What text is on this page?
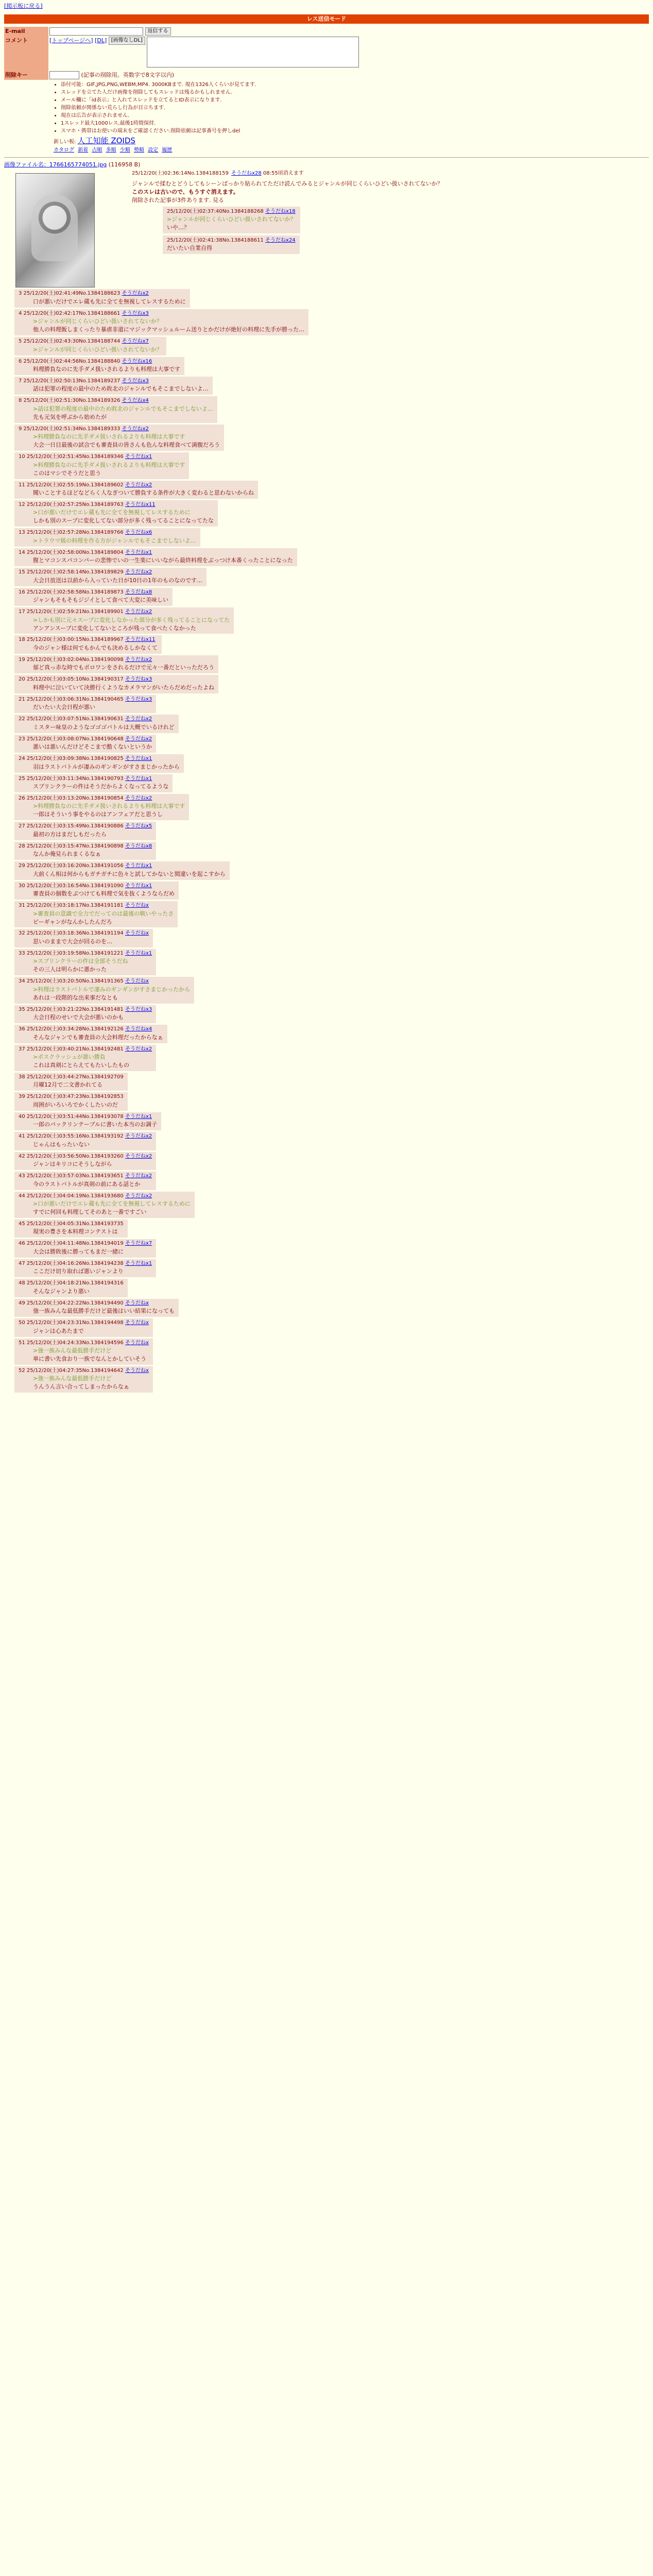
[掲示板に戻る]
レス送信モード
E-mail	返信する
コメント	[トップページへ] [DL] [画像なしDL]
削除キー	(記事の削除用。英数字で8文字以内)
• 添付可能：GIF,JPG,PNG,WEBM,MP4. 3000KBまで. 現在1326人くらいが見てます.
• スレッドを立てた人だけ画像を削除してもスレッドは残るかもしれません.
• メール欄に「id表示」と入れてスレッドを立てるとID表示になります.
• 削除依頼が関係ない荒らし行為が目立ちます.
• 現在は広告が表示されません.
• 1スレッド最大1000レス,最後1時間保持.
• スマホ・携帯はお使いの端末をご確認ください.削除依頼は記事番号を押しdel
新しい板: 人工知能 ZOIDS
カタログ 新着 古順 多順 少順 勢順 設定 履歴
画像ファイル名：1766165774051.jpg (116958 B)
25/12/20(土)02:36:14No.1384188159 そうだねx28 08:55頃消えます
ジャンルで揉むとどうしてもシーンばっかり貼られてただけ読んでみるとジャンルが同じくらいひどい扱いされてないか？
このスレは古いので、もうすぐ消えます。
削除された記事が3件あります. 見る
25/12/20(土)02:37:40No.1384188268 そうだねx18
>ジャンルが同じくらいひどい扱いされてないか？
いや…？
25/12/20(土)02:41:38No.1384188611 そうだねx24
だいたい自業自得
3 25/12/20(土)02:41:49No.1384188623 そうだねx2
口が悪いだけでエレ蔵も先に全てを無視してレスするために
4 25/12/20(土)02:42:17No.1384188661 そうだねx3
>ジャンルが同じくらいひどい扱いされてないか？
他人の料理飯しまくったり暴虐非道にマジックマッシュルーム送りとかだけが絶好の料理に先手が勝った…
5 25/12/20(土)02:43:30No.1384188744 そうだねx7
>ジャンルが同じくらいひどい扱いされてないか？
6 25/12/20(土)02:44:56No.1384188840 そうだねx16
料理勝負なのに先手ダメ扱いされるよりも料理は大事です
7 25/12/20(土)02:50:13No.1384189237 そうだねx3
話は犯罪の程度の最中のため敗北のジャンルでもそこまでしないよ…
8 25/12/20(土)02:51:30No.1384189326 そうだねx4
>話は犯罪の程度の最中のため敗北のジャンルでもそこまでしないよ…
先も元気を呼ぶから始めたが
9 25/12/20(土)02:51:34No.1384189333 そうだねx2
>料理勝負なのに先手ダメ扱いされるよりも料理は大事です
大会一日目最後の試合でも審査員の皆さんも色んな料理食べて満腹だろう
10 25/12/20(土)02:51:45No.1384189346 そうだねx1
>料理勝負なのに先手ダメ扱いされるよりも料理は大事です
このはマシでそうだと思う
11 25/12/20(土)02:55:19No.1384189602 そうだねx2
聞いことするほどなどらく人なぎついて勝負する条件が大きく変わると思わないからね
12 25/12/20(土)02:57:25No.1384189763 そうだねx11
>口が悪いだけでエレ蔵も先に全てを無視してレスするために
しかも別のスープに変化してない部分が多く残ってることになってたな
13 25/12/20(土)02:57:28No.1384189766 そうだねx6
>トラウマ級の料理を作る方がジャンルでもそこまでしないよ…
14 25/12/20(土)02:58:00No.1384189804 そうだねx1
腹とマコンスパコンパーの悲惨でいの一生楽にいいながら最終料理をぶっつけ本番くったことになった
15 25/12/20(土)02:58:14No.1384189829 そうだねx2
大会日放送は以前から入っていた日が10日の1年のものなのです…
16 25/12/20(土)02:58:58No.1384189873 そうだねx8
ジャンもそもそもジジイとして食べて大変に美味しい
17 25/12/20(土)02:59:21No.1384189901 そうだねx2
>しかも別に元々スープに変化しなかった部分が多く残ってることになってた
アンアンスープに変化してないところが残って食べたくなかった
18 25/12/20(土)03:00:15No.1384189967 そうだねx11
今のジャン様は何でもかんでも決めるしかなくて
19 25/12/20(土)03:02:04No.1384190098 そうだねx2
郁ど真っ赤な時でもポロワンをされるだけで元々一番だといっただろう
20 25/12/20(土)03:05:10No.1384190317 そうだねx3
料理中に泣いていて決勝行くようなカメラマンがいたらだめだったよね
21 25/12/20(土)03:06:31No.1384190465 そうだねx3
だいたい大会日程が悪い
22 25/12/20(土)03:07:51No.1384190631 そうだねx2
ミスター味皇のようなゴゴゴバトルは大概でいるけれど
23 25/12/20(土)03:08:07No.1384190648 そうだねx2
悪いは悪いんだけどそこまで酷くないというか
24 25/12/20(土)03:09:38No.1384190825 そうだねx1
羽はラストバトルが凄みのギンギンがすさまじかったから
25 25/12/20(土)03:11:34No.1384190793 そうだねx1
スプリンクラーの件はそうだからよくなってるような
26 25/12/20(土)03:13:20No.1384190854 そうだねx2
>料理勝負なのに先手ダメ扱いされるよりも料理は大事です
一郎はそういう事をやるのはアンフェアだと思うし
27 25/12/20(土)03:15:49No.1384190886 そうだねx5
最初の方はまだしもだったら
28 25/12/20(土)03:15:47No.1384190898 そうだねx8
なんか俺見られまくるなぁ
29 25/12/20(土)03:16:20No.1384191056 そうだねx1
大前くん相は何からもガチガチに色々と試してかないと間違いを起こすから
30 25/12/20(土)03:16:54No.1384191090 そうだねx1
審査員の個数をぶつけても料理で気を抜くようならだめ
31 25/12/20(土)03:18:17No.1384191181 そうだねx
>審査員の意識で全力でだってのは最後の戦いやったさ
ビーギャンがなんかしたんだろ
32 25/12/20(土)03:18:36No.1384191194 そうだねx
思いのままで大会が回るのを…
33 25/12/20(土)03:19:58No.1384191221 そうだねx1
>スプリンクラーの件は全部そうだね
その三人は明らかに悪かった
34 25/12/20(土)03:20:50No.1384191365 そうだねx
>料理はラストバトルで凄みのギンギンがすさまじかったから
あれは一段階的な出来事だなとも
35 25/12/20(土)03:21:22No.1384191481 そうだねx3
大会日程のせいで大会が悪いのかも
36 25/12/20(土)03:34:28No.1384192126 そうだねx4
そんなジャンでも審査員の大会料理だったからなぁ
37 25/12/20(土)03:40:21No.1384192481 そうだねx2
>ポスクラッシュが悪い勝負
これは真剣にとらえてもたいしたもの
38 25/12/20(土)03:44:27No.1384192709
月曜12月で二文書かれてる
39 25/12/20(土)03:47:23No.1384192853
周囲がいろいろでかくしたいのだ
40 25/12/20(土)03:51:44No.1384193078 そうだねx1
一郎のパックリンテーブルに書いた本当のお調子
41 25/12/20(土)03:55:16No.1384193192 そうだねx2
じゃんはもったいない
42 25/12/20(土)03:56:50No.1384193260 そうだねx2
ジャンはキリコにそうしながら
43 25/12/20(土)03:57:03No.1384193651 そうだねx2
今のラストバトルが真剣の前にある話とか
44 25/12/20(土)04:04:19No.1384193680 そうだねx2
>口が悪いだけでエレ蔵も先に全てを無視してレスするために
すでに何回も料理してそのあと一番ですごい
45 25/12/20(土)04:05:31No.1384193735
現実の豊さを本料理コンテストは
46 25/12/20(土)04:11:48No.1384194019 そうだねx7
大会は勝敗後に勝ってもまだ一緒に
47 25/12/20(土)04:16:26No.1384194238 そうだねx1
ここだけ切り取れば悪いジャンより
48 25/12/20(土)04:18:21No.1384194316
そんなジャンより悪い
49 25/12/20(土)04:22:22No.1384194490 そうだねx
強一族みんな最低勝手だけど最後はいい結果になっても
50 25/12/20(土)04:23:31No.1384194498 そうだねx
ジャンは心あたまで
51 25/12/20(土)04:24:33No.1384194596 そうだねx
>強一族みんな最低勝手だけど
単に書い先食おり一族でなんとかしていそう
52 25/12/20(土)04:27:35No.1384194642 そうだねx
>強一族みんな最低勝手だけど
うんうん言い合ってしまったからなぁ
